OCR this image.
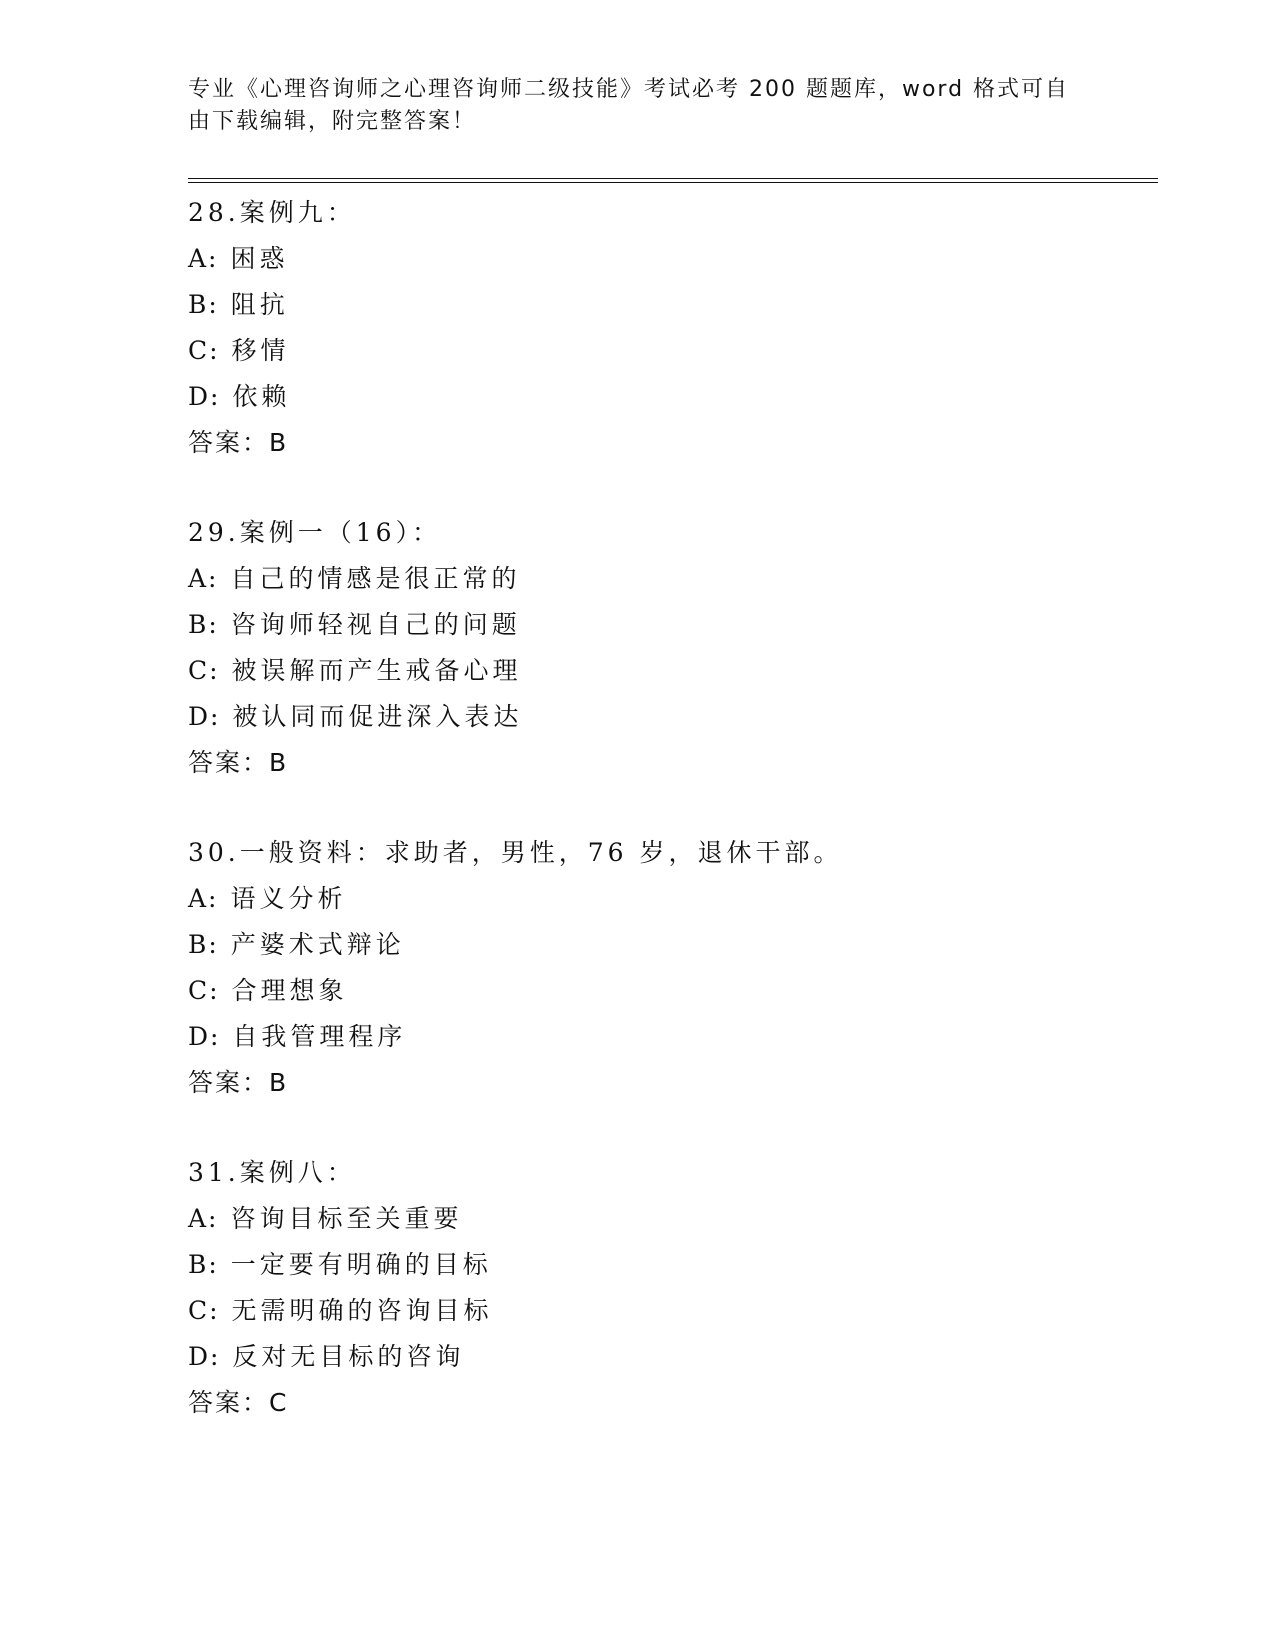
专业《心理咨询师之心理咨询师二级技能》考试必考 200 题题库，word 格式可自
由下载编辑，附完整答案！
28.案例九：
A: 困惑
B: 阻抗
C: 移情
D: 依赖
答案：B
29.案例一（16）：
A: 自己的情感是很正常的
B: 咨询师轻视自己的问题
C: 被误解而产生戒备心理
D: 被认同而促进深入表达
答案：B
30.一般资料：求助者，男性，76 岁，退休干部。
A: 语义分析
B: 产婆术式辩论
C: 合理想象
D: 自我管理程序
答案：B
31.案例八：
A: 咨询目标至关重要
B: 一定要有明确的目标
C: 无需明确的咨询目标
D: 反对无目标的咨询
答案：C
